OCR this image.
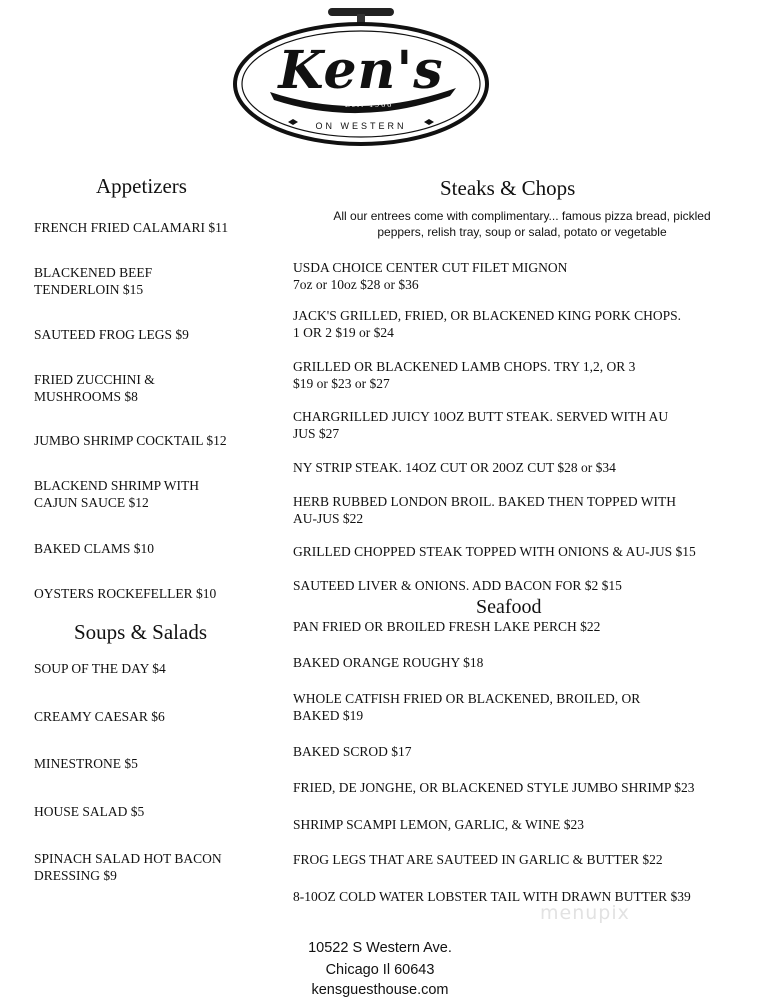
Ken's
Est. 1966
ON WESTERN
Appetizers
FRENCH FRIED CALAMARI $11
BLACKENED BEEF
TENDERLOIN $15
SAUTEED FROG LEGS $9
FRIED ZUCCHINI &
MUSHROOMS $8
JUMBO SHRIMP COCKTAIL $12
BLACKEND SHRIMP WITH
CAJUN SAUCE $12
BAKED CLAMS $10
OYSTERS ROCKEFELLER $10
Soups & Salads
SOUP OF THE DAY $4
CREAMY CAESAR $6
MINESTRONE $5
HOUSE SALAD $5
SPINACH SALAD HOT BACON
DRESSING $9
Steaks & Chops
All our entrees come with complimentary... famous pizza bread, pickled
peppers, relish tray, soup or salad, potato or vegetable
USDA CHOICE CENTER CUT FILET MIGNON
7oz or 10oz $28 or $36
JACK'S GRILLED, FRIED, OR BLACKENED KING PORK CHOPS.
1 OR 2 $19 or $24
GRILLED OR BLACKENED LAMB CHOPS. TRY 1,2, OR 3
$19 or $23 or $27
CHARGRILLED JUICY 10OZ BUTT STEAK. SERVED WITH AU
JUS $27
NY STRIP STEAK. 14OZ CUT OR 20OZ CUT $28 or $34
HERB RUBBED LONDON BROIL. BAKED THEN TOPPED WITH
AU-JUS $22
GRILLED CHOPPED STEAK TOPPED WITH ONIONS & AU-JUS $15
SAUTEED LIVER & ONIONS. ADD BACON FOR $2 $15
Seafood
PAN FRIED OR BROILED FRESH LAKE PERCH $22
BAKED ORANGE ROUGHY $18
WHOLE CATFISH FRIED OR BLACKENED, BROILED, OR
BAKED $19
BAKED SCROD $17
FRIED, DE JONGHE, OR BLACKENED STYLE JUMBO SHRIMP $23
SHRIMP SCAMPI LEMON, GARLIC, & WINE $23
FROG LEGS THAT ARE SAUTEED IN GARLIC & BUTTER $22
8-10OZ COLD WATER LOBSTER TAIL WITH DRAWN BUTTER $39
menupix
10522 S Western Ave.
Chicago Il 60643
kensguesthouse.com
